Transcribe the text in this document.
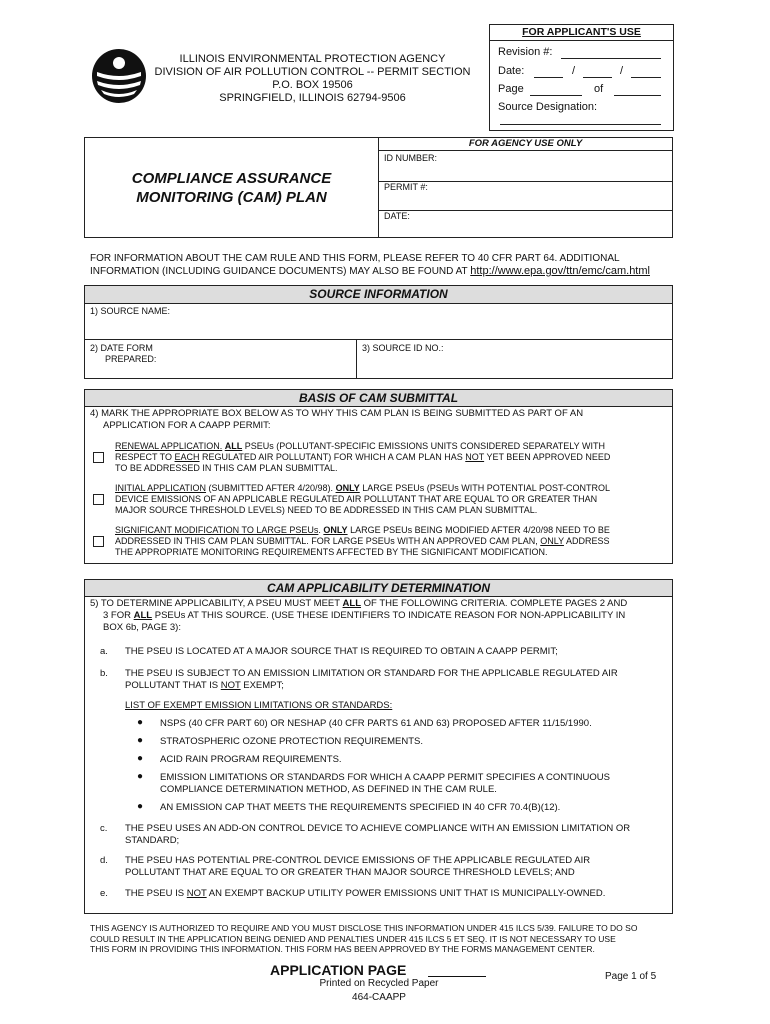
ILLINOIS ENVIRONMENTAL PROTECTION AGENCY
DIVISION OF AIR POLLUTION CONTROL -- PERMIT SECTION
P.O. BOX 19506
SPRINGFIELD, ILLINOIS 62794-9506
FOR APPLICANT'S USE
Revision #:
Date:	/	/
Page	of
Source Designation:
COMPLIANCE ASSURANCE
MONITORING (CAM) PLAN
FOR AGENCY USE ONLY
ID NUMBER:
PERMIT #:
DATE:
FOR INFORMATION ABOUT THE CAM RULE AND THIS FORM, PLEASE REFER TO 40 CFR PART 64. ADDITIONAL
INFORMATION (INCLUDING GUIDANCE DOCUMENTS) MAY ALSO BE FOUND AT http://www.epa.gov/ttn/emc/cam.html
SOURCE INFORMATION
1) SOURCE NAME:
2) DATE FORM
PREPARED:
3) SOURCE ID NO.:
BASIS OF CAM SUBMITTAL
4) MARK THE APPROPRIATE BOX BELOW AS TO WHY THIS CAM PLAN IS BEING SUBMITTED AS PART OF AN
APPLICATION FOR A CAAPP PERMIT:
RENEWAL APPLICATION. ALL PSEUs (POLLUTANT-SPECIFIC EMISSIONS UNITS CONSIDERED SEPARATELY WITH
RESPECT TO EACH REGULATED AIR POLLUTANT) FOR WHICH A CAM PLAN HAS NOT YET BEEN APPROVED NEED
TO BE ADDRESSED IN THIS CAM PLAN SUBMITTAL.
INITIAL APPLICATION (SUBMITTED AFTER 4/20/98). ONLY LARGE PSEUs (PSEUs WITH POTENTIAL POST-CONTROL
DEVICE EMISSIONS OF AN APPLICABLE REGULATED AIR POLLUTANT THAT ARE EQUAL TO OR GREATER THAN
MAJOR SOURCE THRESHOLD LEVELS) NEED TO BE ADDRESSED IN THIS CAM PLAN SUBMITTAL.
SIGNIFICANT MODIFICATION TO LARGE PSEUs. ONLY LARGE PSEUs BEING MODIFIED AFTER 4/20/98 NEED TO BE
ADDRESSED IN THIS CAM PLAN SUBMITTAL. FOR LARGE PSEUs WITH AN APPROVED CAM PLAN, ONLY ADDRESS
THE APPROPRIATE MONITORING REQUIREMENTS AFFECTED BY THE SIGNIFICANT MODIFICATION.
CAM APPLICABILITY DETERMINATION
5) TO DETERMINE APPLICABILITY, A PSEU MUST MEET ALL OF THE FOLLOWING CRITERIA. COMPLETE PAGES 2 AND
3 FOR ALL PSEUs AT THIS SOURCE. (USE THESE IDENTIFIERS TO INDICATE REASON FOR NON-APPLICABILITY IN
BOX 6b, PAGE 3):
a. THE PSEU IS LOCATED AT A MAJOR SOURCE THAT IS REQUIRED TO OBTAIN A CAAPP PERMIT;
b. THE PSEU IS SUBJECT TO AN EMISSION LIMITATION OR STANDARD FOR THE APPLICABLE REGULATED AIR
POLLUTANT THAT IS NOT EXEMPT;
LIST OF EXEMPT EMISSION LIMITATIONS OR STANDARDS:
● NSPS (40 CFR PART 60) OR NESHAP (40 CFR PARTS 61 AND 63) PROPOSED AFTER 11/15/1990.
● STRATOSPHERIC OZONE PROTECTION REQUIREMENTS.
● ACID RAIN PROGRAM REQUIREMENTS.
● EMISSION LIMITATIONS OR STANDARDS FOR WHICH A CAAPP PERMIT SPECIFIES A CONTINUOUS
COMPLIANCE DETERMINATION METHOD, AS DEFINED IN THE CAM RULE.
● AN EMISSION CAP THAT MEETS THE REQUIREMENTS SPECIFIED IN 40 CFR 70.4(B)(12).
c. THE PSEU USES AN ADD-ON CONTROL DEVICE TO ACHIEVE COMPLIANCE WITH AN EMISSION LIMITATION OR
STANDARD;
d. THE PSEU HAS POTENTIAL PRE-CONTROL DEVICE EMISSIONS OF THE APPLICABLE REGULATED AIR
POLLUTANT THAT ARE EQUAL TO OR GREATER THAN MAJOR SOURCE THRESHOLD LEVELS; AND
e. THE PSEU IS NOT AN EXEMPT BACKUP UTILITY POWER EMISSIONS UNIT THAT IS MUNICIPALLY-OWNED.
THIS AGENCY IS AUTHORIZED TO REQUIRE AND YOU MUST DISCLOSE THIS INFORMATION UNDER 415 ILCS 5/39. FAILURE TO DO SO
COULD RESULT IN THE APPLICATION BEING DENIED AND PENALTIES UNDER 415 ILCS 5 ET SEQ. IT IS NOT NECESSARY TO USE
THIS FORM IN PROVIDING THIS INFORMATION. THIS FORM HAS BEEN APPROVED BY THE FORMS MANAGEMENT CENTER.
APPLICATION PAGE
Printed on Recycled Paper
464-CAAPP
Page 1 of 5
